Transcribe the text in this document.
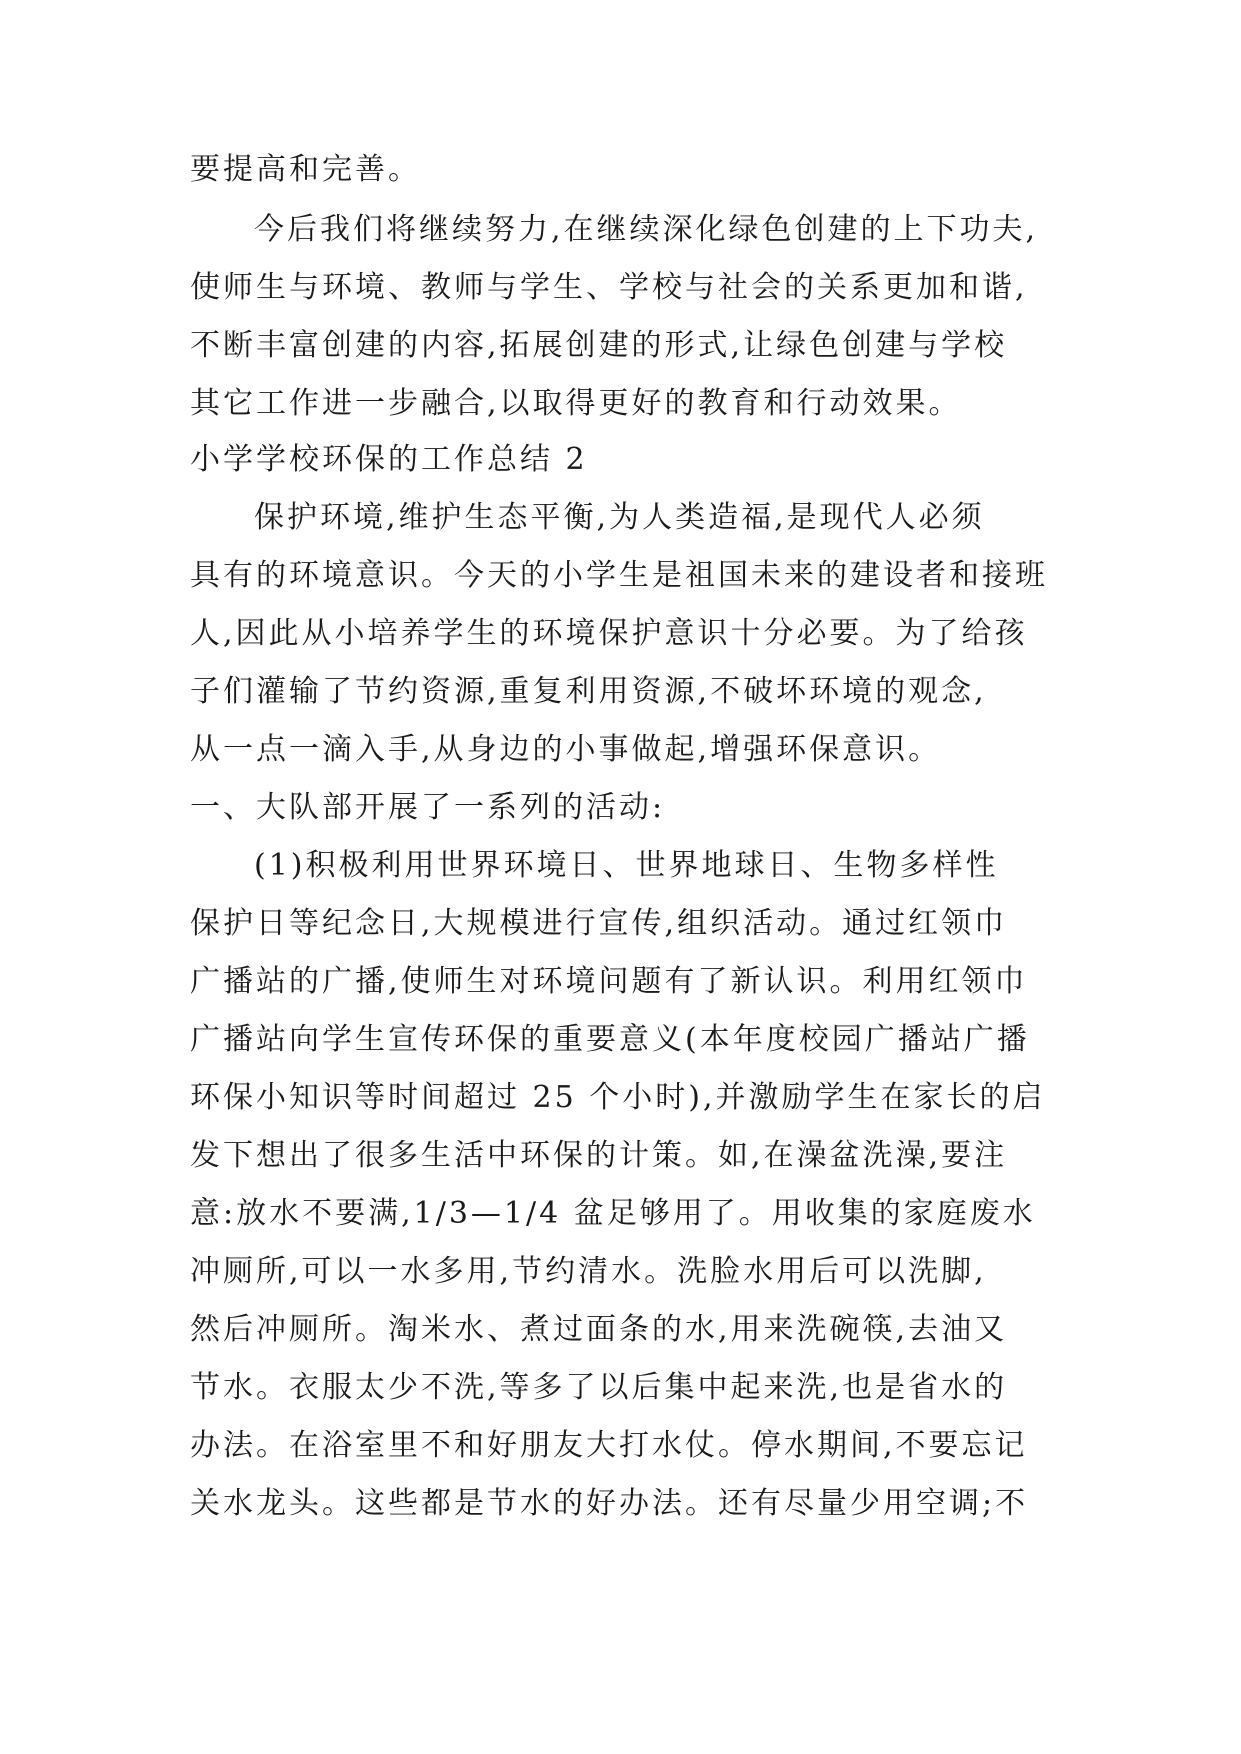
要提高和完善。
今后我们将继续努力,在继续深化绿色创建的上下功夫,
使师生与环境、教师与学生、学校与社会的关系更加和谐,
不断丰富创建的内容,拓展创建的形式,让绿色创建与学校
其它工作进一步融合,以取得更好的教育和行动效果。
小学学校环保的工作总结 2
保护环境,维护生态平衡,为人类造福,是现代人必须
具有的环境意识。今天的小学生是祖国未来的建设者和接班
人,因此从小培养学生的环境保护意识十分必要。为了给孩
子们灌输了节约资源,重复利用资源,不破坏环境的观念,
从一点一滴入手,从身边的小事做起,增强环保意识。
一、大队部开展了一系列的活动:
(1)积极利用世界环境日、世界地球日、生物多样性
保护日等纪念日,大规模进行宣传,组织活动。通过红领巾
广播站的广播,使师生对环境问题有了新认识。利用红领巾
广播站向学生宣传环保的重要意义(本年度校园广播站广播
环保小知识等时间超过 25 个小时),并激励学生在家长的启
发下想出了很多生活中环保的计策。如,在澡盆洗澡,要注
意:放水不要满,1/3—1/4 盆足够用了。用收集的家庭废水
冲厕所,可以一水多用,节约清水。洗脸水用后可以洗脚,
然后冲厕所。淘米水、煮过面条的水,用来洗碗筷,去油又
节水。衣服太少不洗,等多了以后集中起来洗,也是省水的
办法。在浴室里不和好朋友大打水仗。停水期间,不要忘记
关水龙头。这些都是节水的好办法。还有尽量少用空调;不
